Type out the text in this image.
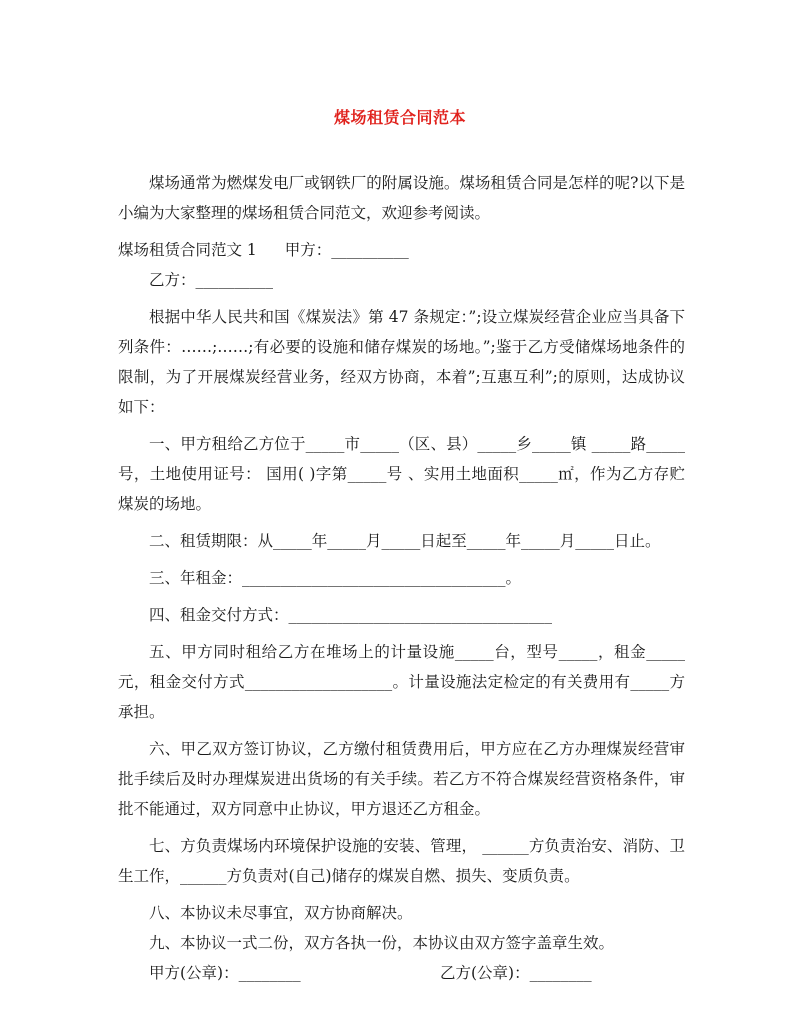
煤场租赁合同范本

煤场通常为燃煤发电厂或钢铁厂的附属设施。煤场租赁合同是怎样的呢?以下是小编为大家整理的煤场租赁合同范文，欢迎参考阅读。

煤场租赁合同范文 1 甲方：__________

乙方：__________

根据中华人民共和国《煤炭法》第 47 条规定：”;设立煤炭经营企业应当具备下列条件：……;……;有必要的设施和储存煤炭的场地。”;鉴于乙方受储煤场地条件的限制，为了开展煤炭经营业务，经双方协商，本着”;互惠互利”;的原则，达成协议如下：

一、甲方租给乙方位于_____市_____（区、县）_____乡_____镇 _____路_____号，土地使用证号： 国用( )字第_____号 、实用土地面积_____㎡，作为乙方存贮煤炭的场地。

二、租赁期限：从_____年_____月_____日起至_____年_____月_____日止。

三、年租金：__________________________________。

四、租金交付方式：__________________________________

五、甲方同时租给乙方在堆场上的计量设施_____台，型号_____，租金_____元，租金交付方式___________________。计量设施法定检定的有关费用有_____方承担。

六、甲乙双方签订协议，乙方缴付租赁费用后，甲方应在乙方办理煤炭经营审批手续后及时办理煤炭进出货场的有关手续。若乙方不符合煤炭经营资格条件，审批不能通过，双方同意中止协议，甲方退还乙方租金。

七、方负责煤场内环境保护设施的安装、管理， ______方负责治安、消防、卫生工作，______方负责对(自己)储存的煤炭自燃、损失、变质负责。

八、本协议未尽事宜，双方协商解决。

九、本协议一式二份，双方各执一份，本协议由双方签字盖章生效。

甲方(公章)：________	乙方(公章)：________
